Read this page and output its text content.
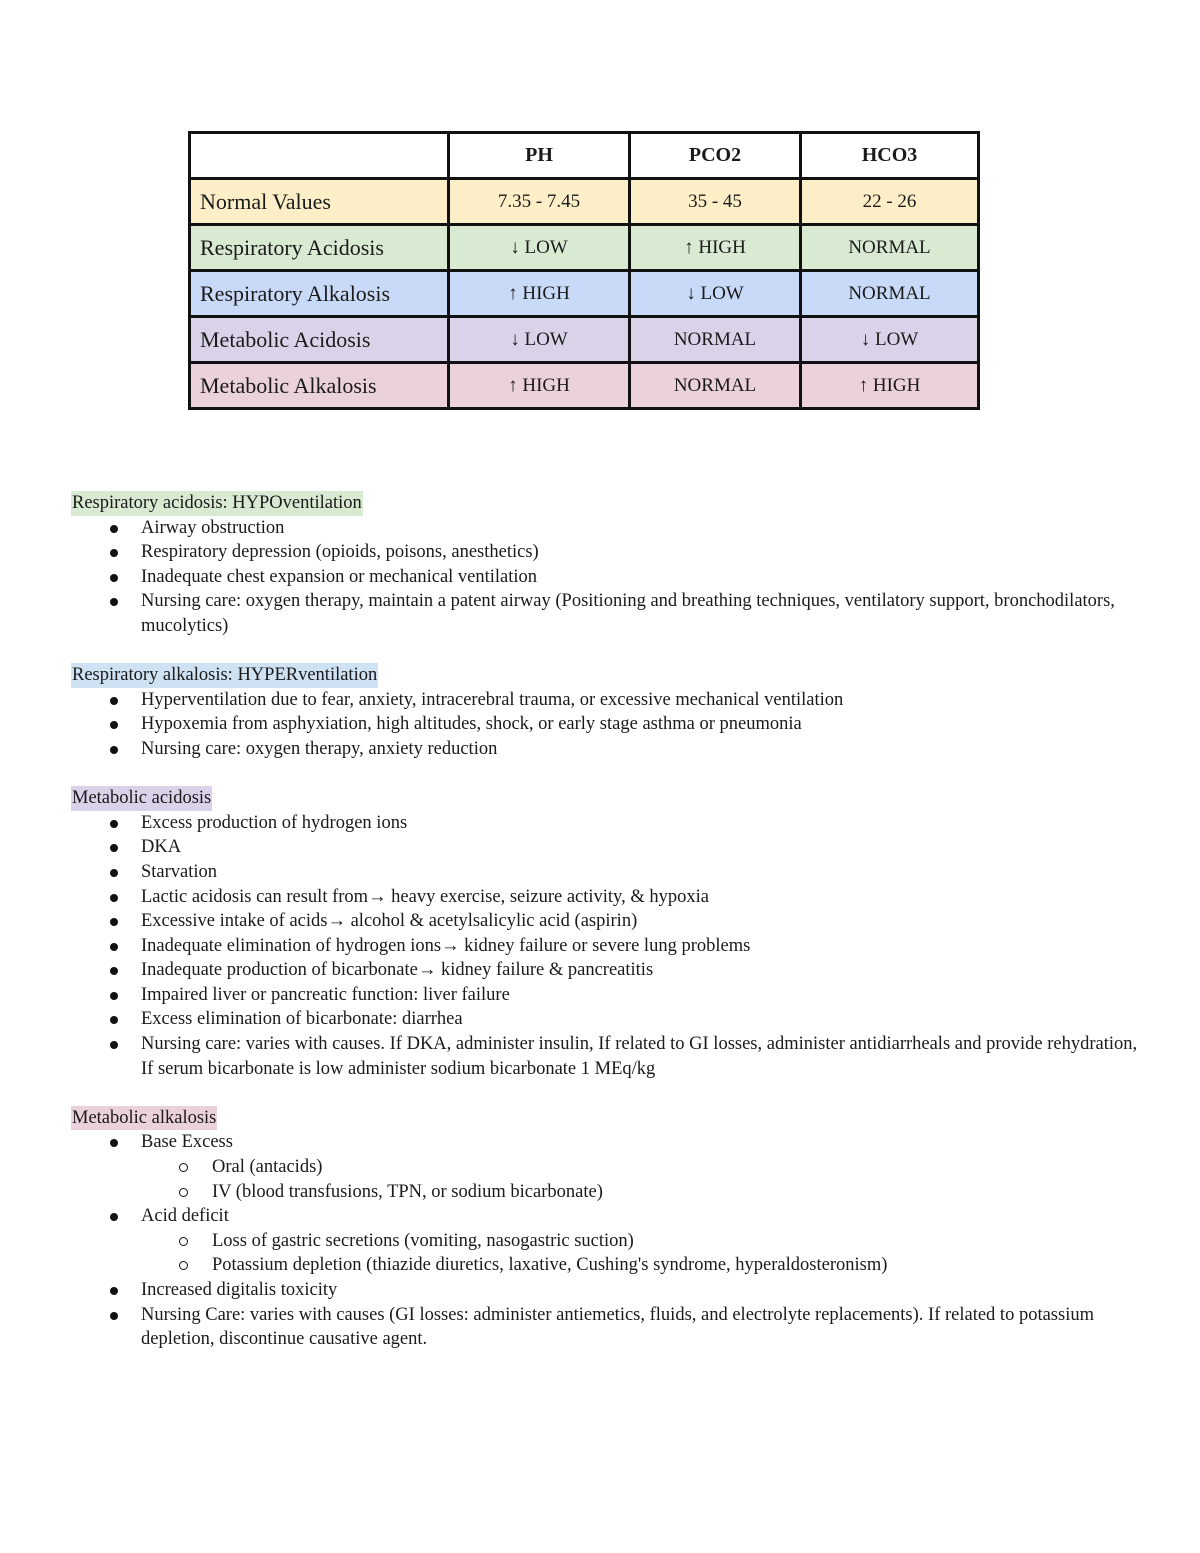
	PH	PCO2	HCO3
Normal Values	7.35 - 7.45	35 - 45	22 - 26
Respiratory Acidosis	↓ LOW	↑ HIGH	NORMAL
Respiratory Alkalosis	↑ HIGH	↓ LOW	NORMAL
Metabolic Acidosis	↓ LOW	NORMAL	↓ LOW
Metabolic Alkalosis	↑ HIGH	NORMAL	↑ HIGH
Respiratory acidosis: HYPOventilation
Airway obstruction
Respiratory depression (opioids, poisons, anesthetics)
Inadequate chest expansion or mechanical ventilation
Nursing care: oxygen therapy, maintain a patent airway (Positioning and breathing techniques, ventilatory support, bronchodilators, mucolytics)
Respiratory alkalosis: HYPERventilation
Hyperventilation due to fear, anxiety, intracerebral trauma, or excessive mechanical ventilation
Hypoxemia from asphyxiation, high altitudes, shock, or early stage asthma or pneumonia
Nursing care: oxygen therapy, anxiety reduction
Metabolic acidosis
Excess production of hydrogen ions
DKA
Starvation
Lactic acidosis can result from→ heavy exercise, seizure activity, & hypoxia
Excessive intake of acids→ alcohol & acetylsalicylic acid (aspirin)
Inadequate elimination of hydrogen ions→ kidney failure or severe lung problems
Inadequate production of bicarbonate→ kidney failure & pancreatitis
Impaired liver or pancreatic function: liver failure
Excess elimination of bicarbonate: diarrhea
Nursing care: varies with causes. If DKA, administer insulin, If related to GI losses, administer antidiarrheals and provide rehydration, If serum bicarbonate is low administer sodium bicarbonate 1 MEq/kg
Metabolic alkalosis
Base Excess
Oral (antacids)
IV (blood transfusions, TPN, or sodium bicarbonate)
Acid deficit
Loss of gastric secretions (vomiting, nasogastric suction)
Potassium depletion (thiazide diuretics, laxative, Cushing's syndrome, hyperaldosteronism)
Increased digitalis toxicity
Nursing Care: varies with causes (GI losses: administer antiemetics, fluids, and electrolyte replacements). If related to potassium depletion, discontinue causative agent.
